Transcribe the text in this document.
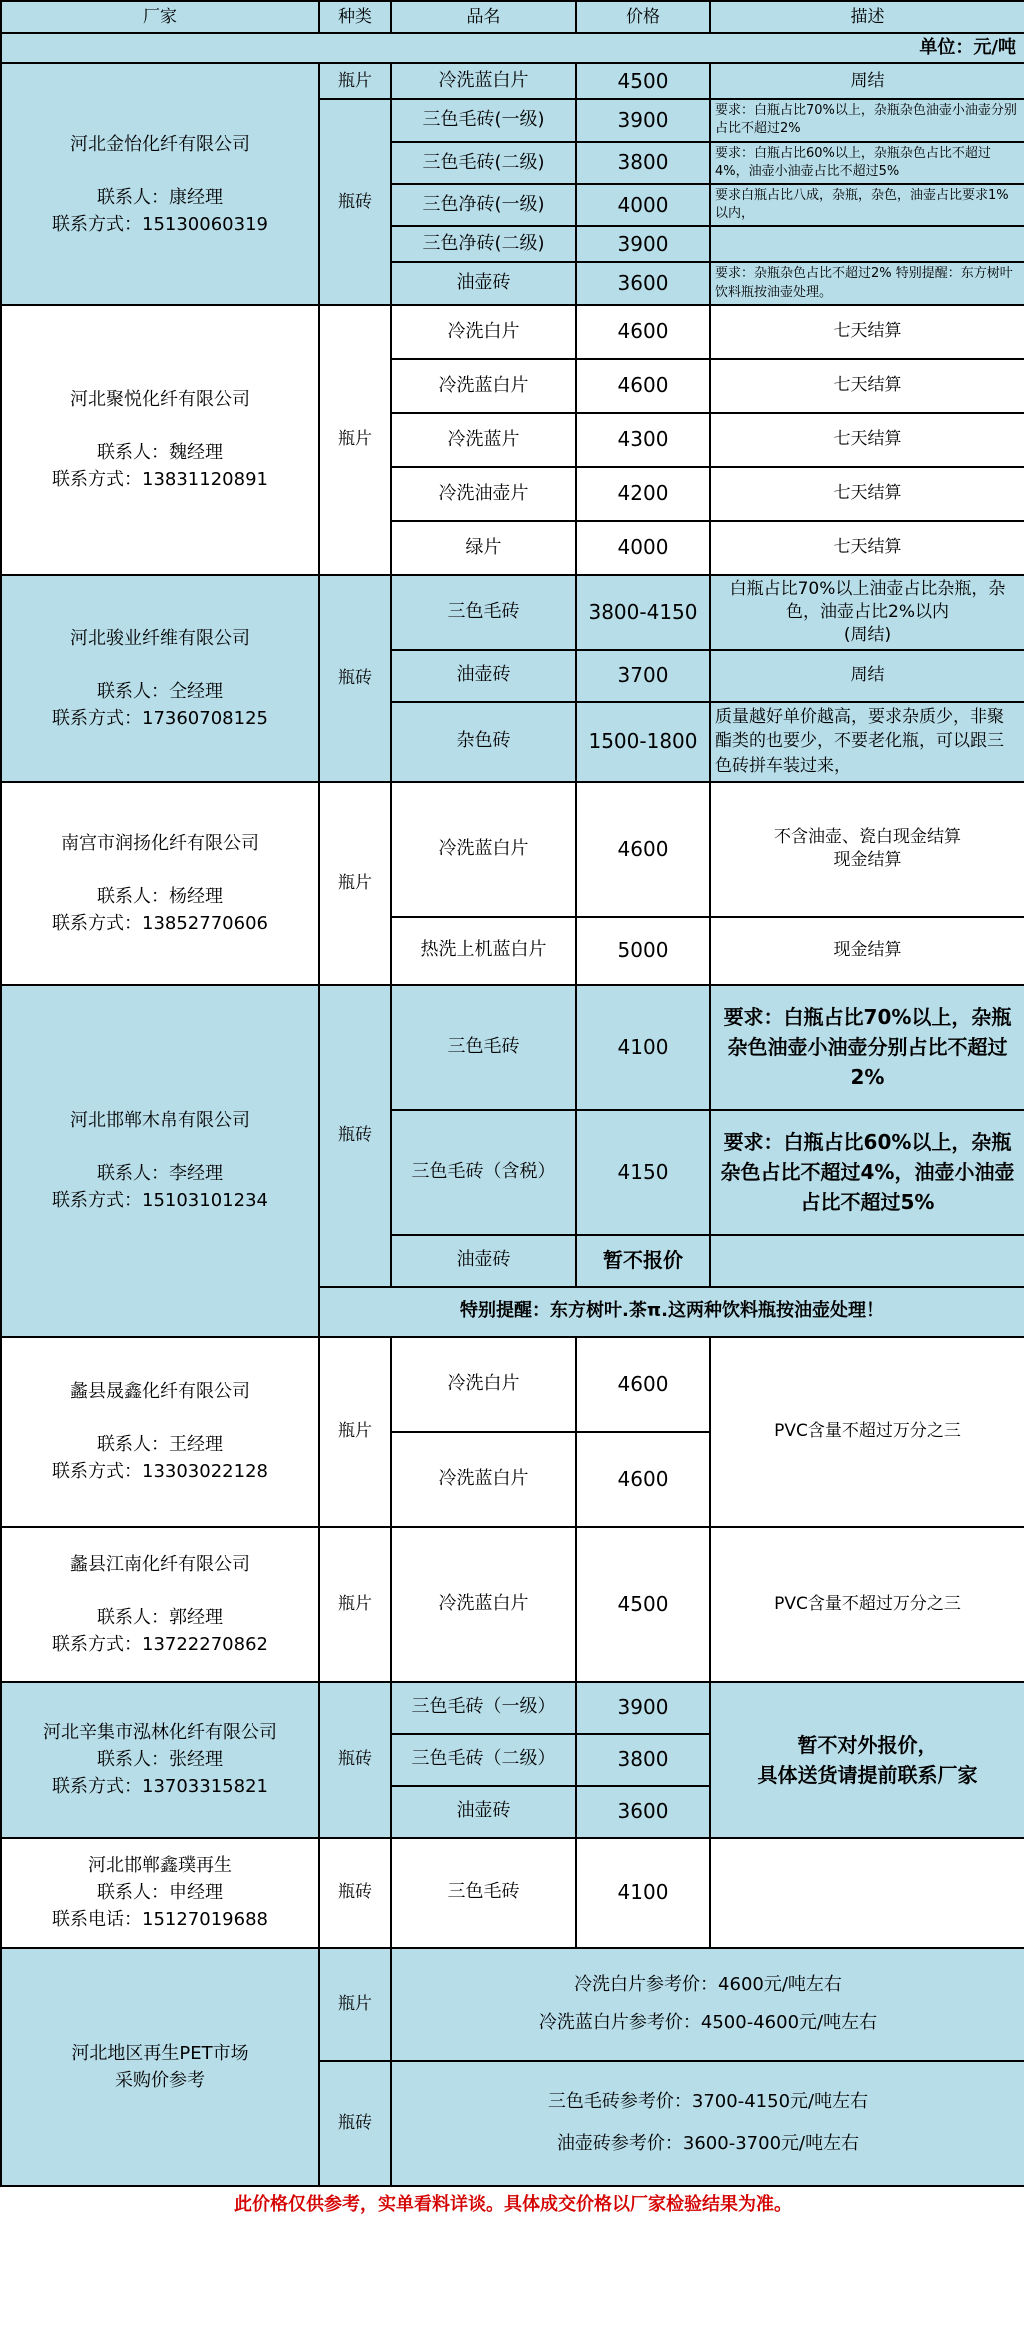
厂家	种类	品名	价格	描述
单位：元/吨				

河北金怡化纤有限公司
联系人：康经理
联系方式：15130060319	瓶片	冷洗蓝白片	4500	周结
	瓶砖	三色毛砖(一级)	3900	要求：白瓶占比70%以上，杂瓶杂色油壶小油壶分别占比不超过2%
		三色毛砖(二级)	3800	要求：白瓶占比60%以上，杂瓶杂色占比不超过4%，油壶小油壶占比不超过5%
		三色净砖(一级)	4000	要求白瓶占比八成，杂瓶，杂色，油壶占比要求1%以内，
		三色净砖(二级)	3900	
		油壶砖	3600	要求：杂瓶杂色占比不超过2% 特别提醒：东方树叶饮料瓶按油壶处理。

河北聚悦化纤有限公司
联系人：魏经理
联系方式：13831120891	瓶片	冷洗白片	4600	七天结算
		冷洗蓝白片	4600	七天结算
		冷洗蓝片	4300	七天结算
		冷洗油壶片	4200	七天结算
		绿片	4000	七天结算

河北骏业纤维有限公司
联系人：仝经理
联系方式：17360708125	瓶砖	三色毛砖	3800-4150	白瓶占比70%以上油壶占比杂瓶，杂色，油壶占比2%以内
(周结)

		油壶砖	3700	周结
		杂色砖	1500-1800	质量越好单价越高，要求杂质少，非聚酯类的也要少，不要老化瓶，可以跟三色砖拼车装过来，

南宫市润扬化纤有限公司
联系人：杨经理
联系方式：13852770606	瓶片	冷洗蓝白片	4600	不含油壶、瓷白现金结算
现金结算

		热洗上机蓝白片	5000	现金结算

河北邯郸木帛有限公司
联系人：李经理
联系方式：15103101234	瓶砖	三色毛砖	4100	要求：白瓶占比70%以上，杂瓶杂色油壶小油壶分别占比不超过2%
		三色毛砖（含税）	4150	要求：白瓶占比60%以上，杂瓶杂色占比不超过4%，油壶小油壶占比不超过5%
		油壶砖	暂不报价	
	特别提醒：东方树叶.茶π.这两种饮料瓶按油壶处理！			

蠡县晟鑫化纤有限公司
联系人：王经理
联系方式：13303022128	瓶片	冷洗白片	4600	PVC含量不超过万分之三
		冷洗蓝白片	4600	

蠡县江南化纤有限公司
联系人：郭经理
联系方式：13722270862	瓶片	冷洗蓝白片	4500	PVC含量不超过万分之三

河北辛集市泓林化纤有限公司
联系人：张经理
联系方式：13703315821	瓶砖	三色毛砖（一级）	3900	暂不对外报价，
具体送货请提前联系厂家

		三色毛砖（二级）	3800	
		油壶砖	3600	

河北邯郸鑫璞再生
联系人：申经理
联系电话：15127019688	瓶砖	三色毛砖	4100	

河北地区再生PET市场
采购价参考	瓶片	冷洗白片参考价：4600元/吨左右
冷洗蓝白片参考价：4500-4600元/吨左右		

	瓶砖	三色毛砖参考价：3700-4150元/吨左右
油壶砖参考价：3600-3700元/吨左右		

此价格仅供参考，实单看料详谈。具体成交价格以厂家检验结果为准。				
